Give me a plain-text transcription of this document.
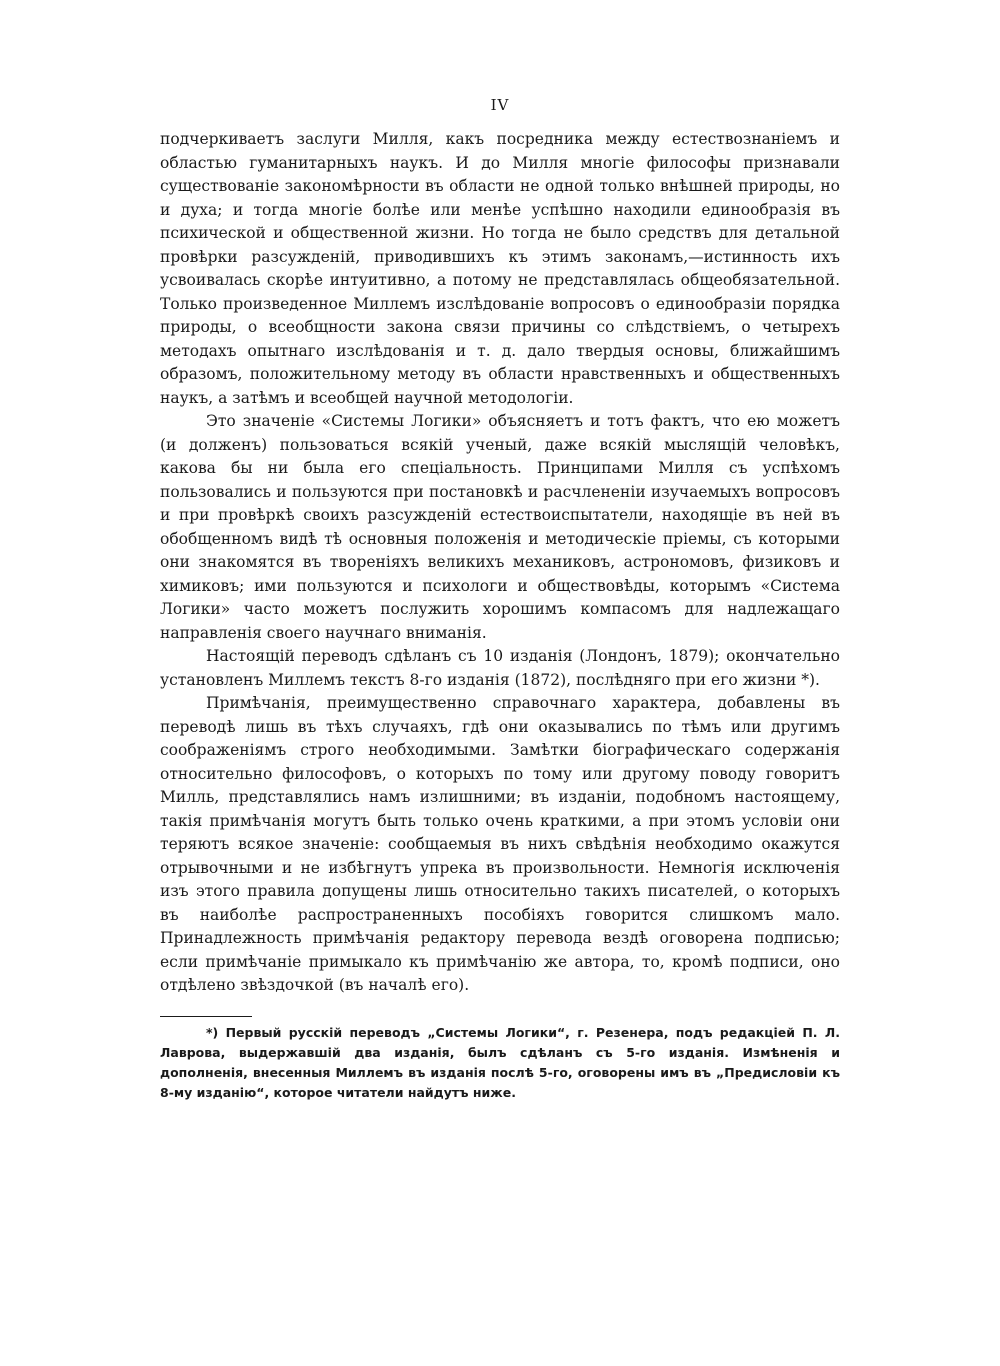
IV

подчеркиваетъ заслуги Милля, какъ посредника между естествознаніемъ и областью гуманитарныхъ наукъ. И до Милля многіе философы признавали существованіе закономѣрности въ области не одной только внѣшней природы, но и духа; и тогда многіе болѣе или менѣе успѣшно находили единообразія въ психической и общественной жизни. Но тогда не было средствъ для детальной провѣрки разсужденій, приводившихъ къ этимъ законамъ,—истинность ихъ усвоивалась скорѣе интуитивно, а потому не представлялась общеобязательной. Только произведенное Миллемъ изслѣдованіе вопросовъ о единообразіи порядка природы, о всеобщности закона связи причины со слѣдствіемъ, о четырехъ методахъ опытнаго изслѣдованія и т. д. дало твердыя основы, ближайшимъ образомъ, положительному методу въ области нравственныхъ и общественныхъ наукъ, а затѣмъ и всеобщей научной методологіи.

Это значеніе «Системы Логики» объясняетъ и тотъ фактъ, что ею можетъ (и долженъ) пользоваться всякій ученый, даже всякій мыслящій человѣкъ, какова бы ни была его спеціальность. Принципами Милля съ успѣхомъ пользовались и пользуются при постановкѣ и расчлененіи изучаемыхъ вопросовъ и при провѣркѣ своихъ разсужденій естествоиспытатели, находящіе въ ней въ обобщенномъ видѣ тѣ основныя положенія и методическіе пріемы, съ которыми они знакомятся въ твореніяхъ великихъ механиковъ, астрономовъ, физиковъ и химиковъ; ими пользуются и психологи и обществовѣды, которымъ «Система Логики» часто можетъ послужить хорошимъ компасомъ для надлежащаго направленія своего научнаго вниманія.

Настоящій переводъ сдѣланъ съ 10 изданія (Лондонъ, 1879); окончательно установленъ Миллемъ текстъ 8-го изданія (1872), послѣдняго при его жизни *).

Примѣчанія, преимущественно справочнаго характера, добавлены въ переводѣ лишь въ тѣхъ случаяхъ, гдѣ они оказывались по тѣмъ или другимъ соображеніямъ строго необходимыми. Замѣтки біографическаго содержанія относительно философовъ, о которыхъ по тому или другому поводу говоритъ Милль, представлялись намъ излишними; въ изданіи, подобномъ настоящему, такія примѣчанія могутъ быть только очень краткими, а при этомъ условіи они теряютъ всякое значеніе: сообщаемыя въ нихъ свѣдѣнія необходимо окажутся отрывочными и не избѣгнутъ упрека въ произвольности. Немногія исключенія изъ этого правила допущены лишь относительно такихъ писателей, о которыхъ въ наиболѣе распространенныхъ пособіяхъ говорится слишкомъ мало. Принадлежность примѣчанія редактору перевода вездѣ оговорена подписью; если примѣчаніе примыкало къ примѣчанію же автора, то, кромѣ подписи, оно отдѣлено звѣздочкой (въ началѣ его).

*) Первый русскій переводъ „Системы Логики“, г. Резенера, подъ редакціей П. Л. Лаврова, выдержавшій два изданія, былъ сдѣланъ съ 5-го изданія. Измѣненія и дополненія, внесенныя Миллемъ въ изданія послѣ 5-го, оговорены имъ въ „Предисловіи къ 8-му изданію“, которое читатели найдутъ ниже.
